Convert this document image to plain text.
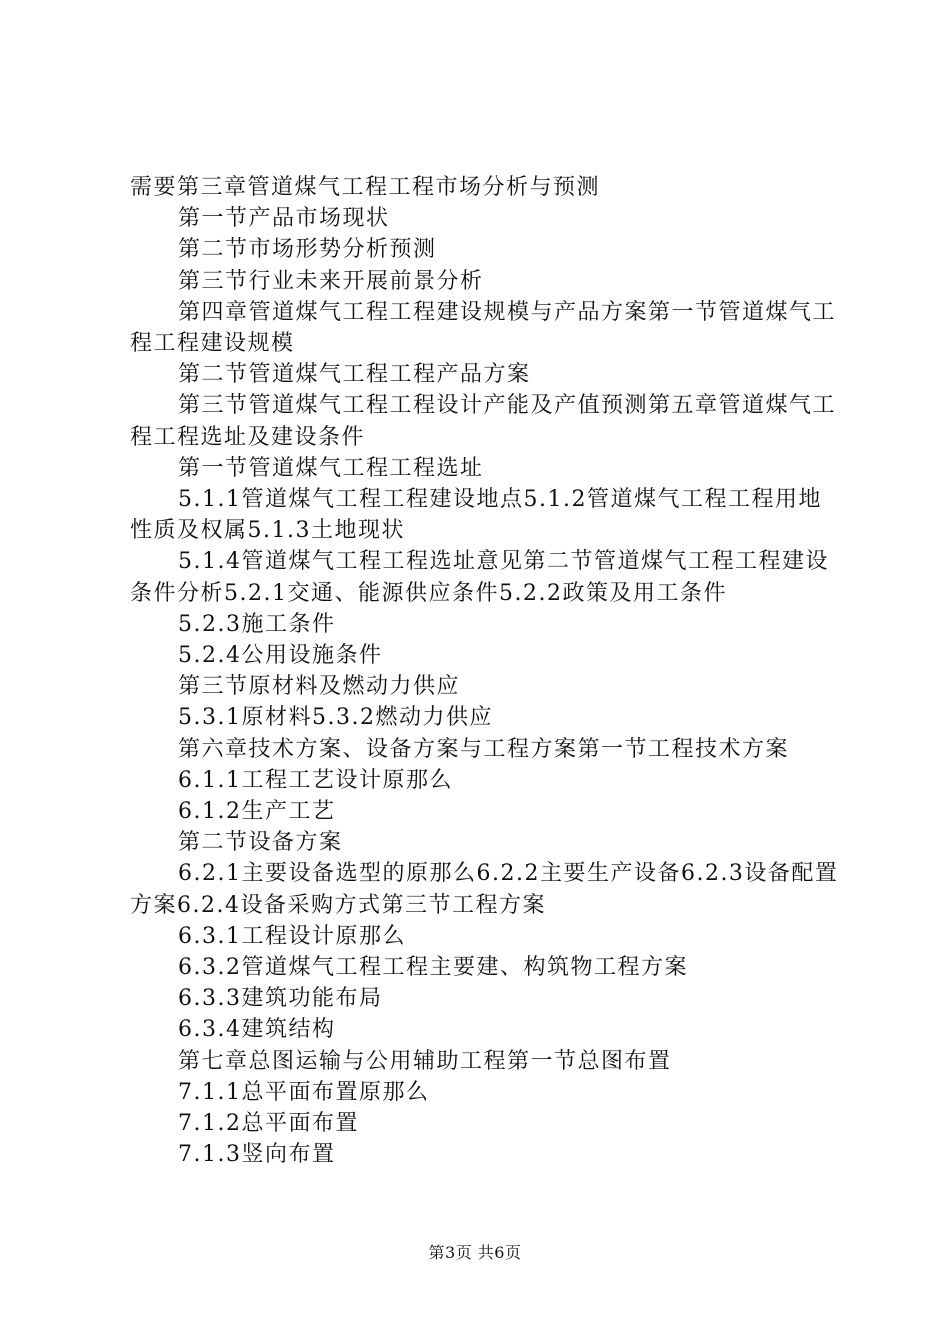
需要第三章管道煤气工程工程市场分析与预测

第一节产品市场现状

第二节市场形势分析预测

第三节行业未来开展前景分析

第四章管道煤气工程工程建设规模与产品方案第一节管道煤气工程工程建设规模

第二节管道煤气工程工程产品方案

第三节管道煤气工程工程设计产能及产值预测第五章管道煤气工程工程选址及建设条件

第一节管道煤气工程工程选址

5.1.1管道煤气工程工程建设地点5.1.2管道煤气工程工程用地性质及权属5.1.3土地现状

5.1.4管道煤气工程工程选址意见第二节管道煤气工程工程建设条件分析5.2.1交通、能源供应条件5.2.2政策及用工条件

5.2.3施工条件

5.2.4公用设施条件

第三节原材料及燃动力供应

5.3.1原材料5.3.2燃动力供应

第六章技术方案、设备方案与工程方案第一节工程技术方案

6.1.1工程工艺设计原那么

6.1.2生产工艺

第二节设备方案

6.2.1主要设备选型的原那么6.2.2主要生产设备6.2.3设备配置方案6.2.4设备采购方式第三节工程方案

6.3.1工程设计原那么

6.3.2管道煤气工程工程主要建、构筑物工程方案

6.3.3建筑功能布局

6.3.4建筑结构

第七章总图运输与公用辅助工程第一节总图布置

7.1.1总平面布置原那么

7.1.2总平面布置

7.1.3竖向布置

第3页 共6页
